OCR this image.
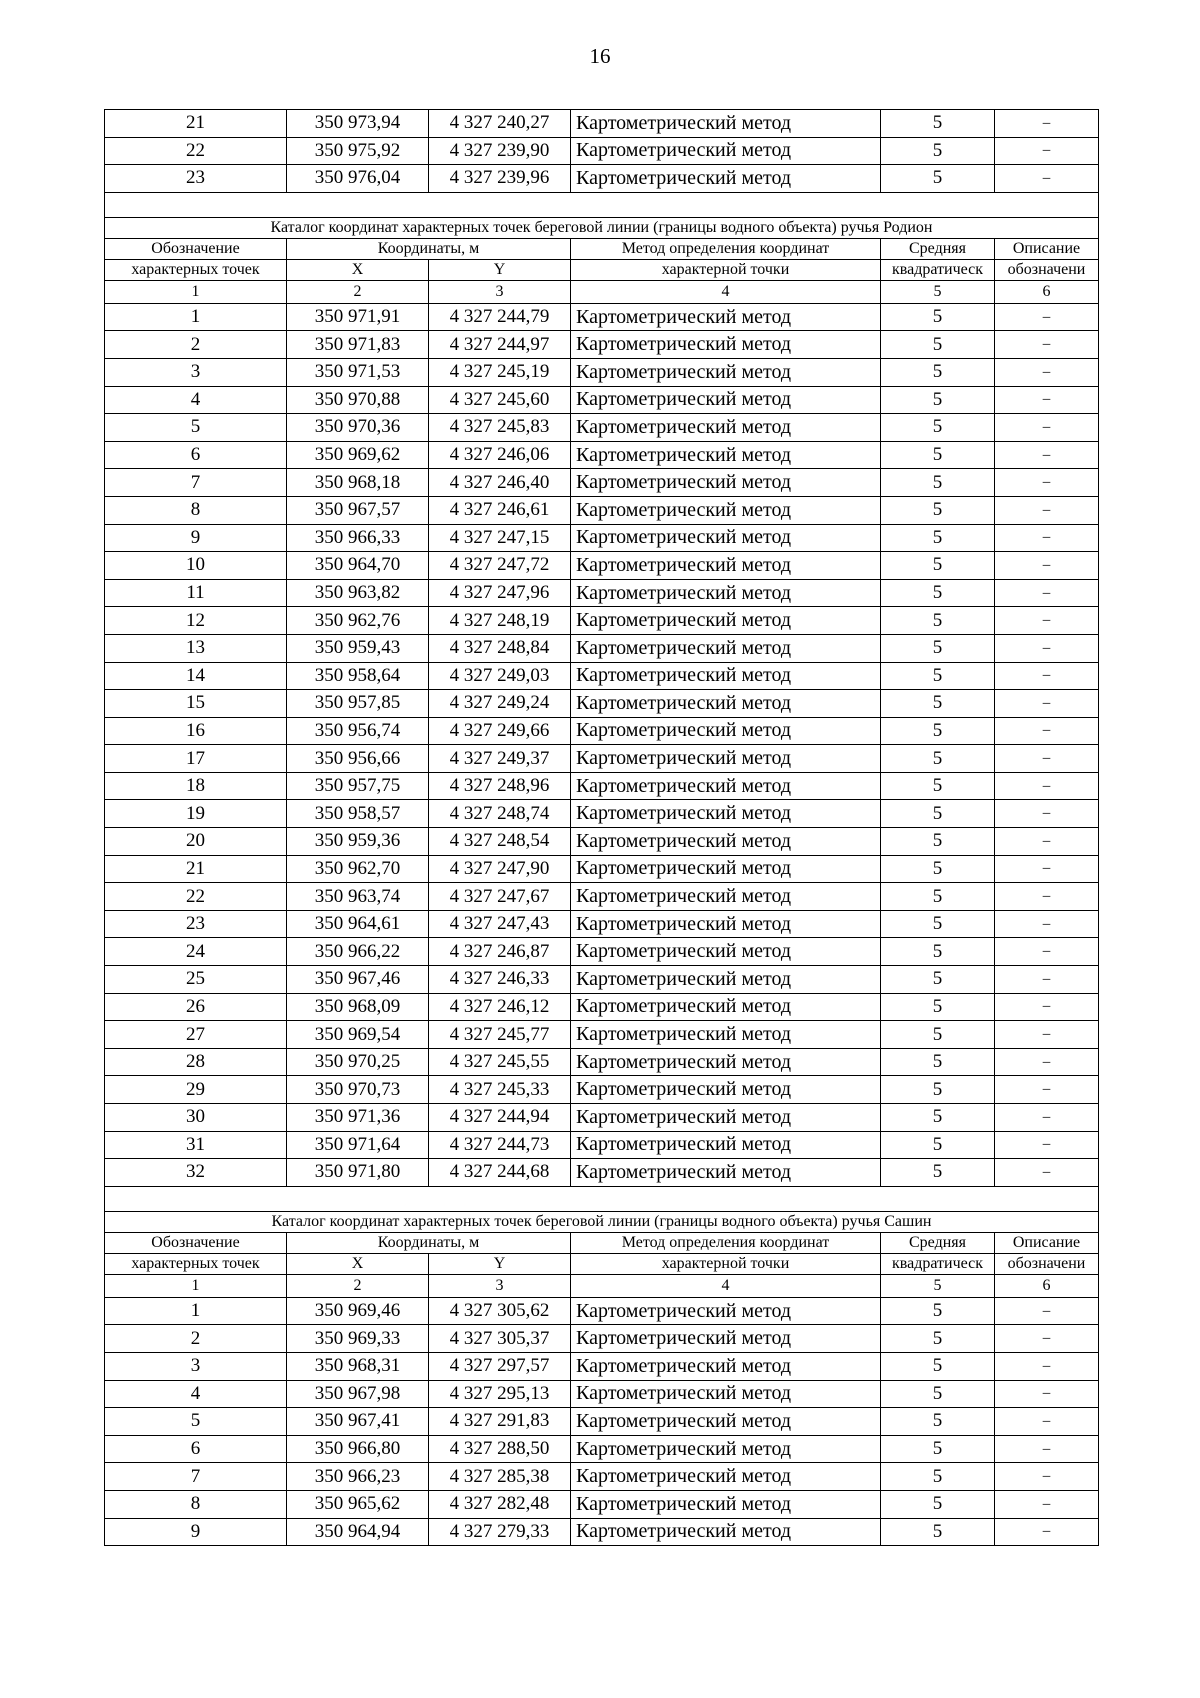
16
21	350 973,94	4 327 240,27	Картометрический метод	5	–
22	350 975,92	4 327 239,90	Картометрический метод	5	–
23	350 976,04	4 327 239,96	Картометрический метод	5	–

Каталог координат характерных точек береговой линии (границы водного объекта) ручья Родион					
Обозначение	Координаты, м		Метод определения координат	Средняя	Описание
характерных точек	X	Y	характерной точки	квадратическ	обозначени
1	2	3	4	5	6
1	350 971,91	4 327 244,79	Картометрический метод	5	–
2	350 971,83	4 327 244,97	Картометрический метод	5	–
3	350 971,53	4 327 245,19	Картометрический метод	5	–
4	350 970,88	4 327 245,60	Картометрический метод	5	–
5	350 970,36	4 327 245,83	Картометрический метод	5	–
6	350 969,62	4 327 246,06	Картометрический метод	5	–
7	350 968,18	4 327 246,40	Картометрический метод	5	–
8	350 967,57	4 327 246,61	Картометрический метод	5	–
9	350 966,33	4 327 247,15	Картометрический метод	5	–
10	350 964,70	4 327 247,72	Картометрический метод	5	–
11	350 963,82	4 327 247,96	Картометрический метод	5	–
12	350 962,76	4 327 248,19	Картометрический метод	5	–
13	350 959,43	4 327 248,84	Картометрический метод	5	–
14	350 958,64	4 327 249,03	Картометрический метод	5	–
15	350 957,85	4 327 249,24	Картометрический метод	5	–
16	350 956,74	4 327 249,66	Картометрический метод	5	–
17	350 956,66	4 327 249,37	Картометрический метод	5	–
18	350 957,75	4 327 248,96	Картометрический метод	5	–
19	350 958,57	4 327 248,74	Картометрический метод	5	–
20	350 959,36	4 327 248,54	Картометрический метод	5	–
21	350 962,70	4 327 247,90	Картометрический метод	5	–
22	350 963,74	4 327 247,67	Картометрический метод	5	–
23	350 964,61	4 327 247,43	Картометрический метод	5	–
24	350 966,22	4 327 246,87	Картометрический метод	5	–
25	350 967,46	4 327 246,33	Картометрический метод	5	–
26	350 968,09	4 327 246,12	Картометрический метод	5	–
27	350 969,54	4 327 245,77	Картометрический метод	5	–
28	350 970,25	4 327 245,55	Картометрический метод	5	–
29	350 970,73	4 327 245,33	Картометрический метод	5	–
30	350 971,36	4 327 244,94	Картометрический метод	5	–
31	350 971,64	4 327 244,73	Картометрический метод	5	–
32	350 971,80	4 327 244,68	Картометрический метод	5	–

Каталог координат характерных точек береговой линии (границы водного объекта) ручья Сашин					
Обозначение	Координаты, м		Метод определения координат	Средняя	Описание
характерных точек	X	Y	характерной точки	квадратическ	обозначени
1	2	3	4	5	6
1	350 969,46	4 327 305,62	Картометрический метод	5	–
2	350 969,33	4 327 305,37	Картометрический метод	5	–
3	350 968,31	4 327 297,57	Картометрический метод	5	–
4	350 967,98	4 327 295,13	Картометрический метод	5	–
5	350 967,41	4 327 291,83	Картометрический метод	5	–
6	350 966,80	4 327 288,50	Картометрический метод	5	–
7	350 966,23	4 327 285,38	Картометрический метод	5	–
8	350 965,62	4 327 282,48	Картометрический метод	5	–
9	350 964,94	4 327 279,33	Картометрический метод	5	–
